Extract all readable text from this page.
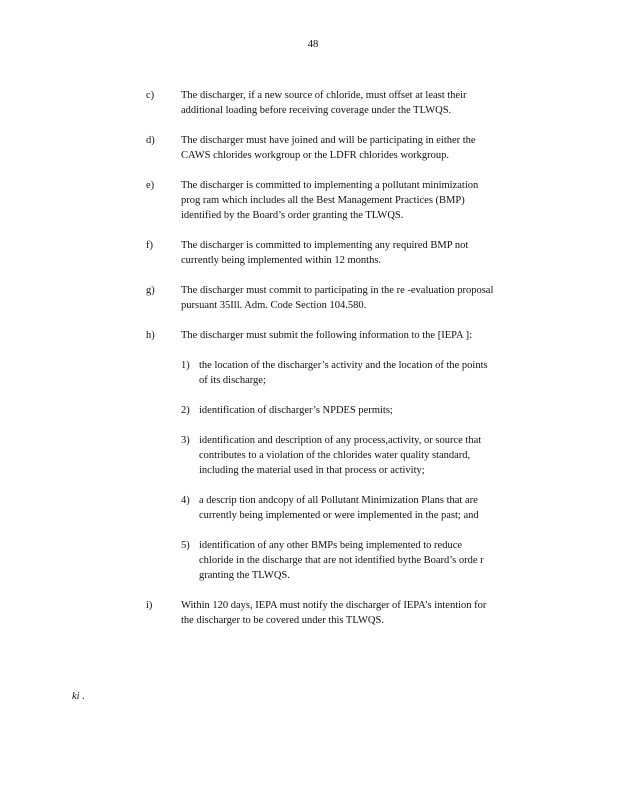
48
c)	The discharger, if a new source of chloride, must offset at least their
additional loading before receiving coverage under the TLWQS.
d)	The discharger must have joined and will be participating in either the
CAWS chlorides workgroup or the LDFR chlorides workgroup.
e)	The discharger is committed to implementing a pollutant minimization
prog ram which includes all the Best Management Practices (BMP)
identified by the Board’s order granting the TLWQS.
f)	The discharger is committed to implementing any required BMP not
currently being implemented within 12 months.
g)	The discharger must commit to participating in the re -evaluation proposal
pursuant 35Ill. Adm. Code Section 104.580.
h)	The discharger must submit the following information to the [IEPA ]:
1) the location of the discharger’s activity and the location of the points
of its discharge;
2) identification of discharger’s NPDES permits;
3) identification and description of any process,activity, or source that
contributes to a violation of the chlorides water quality standard,
including the material used in that process or activity;
4) a descrip tion andcopy of all Pollutant Minimization Plans that are
currently being implemented or were implemented in the past; and
5) identification of any other BMPs being implemented to reduce
chloride in the discharge that are not identified bythe Board’s orde r
granting the TLWQS.
i)	Within 120 days, IEPA must notify the discharger of IEPA’s intention for
the discharger to be covered under this TLWQS.
ki .
